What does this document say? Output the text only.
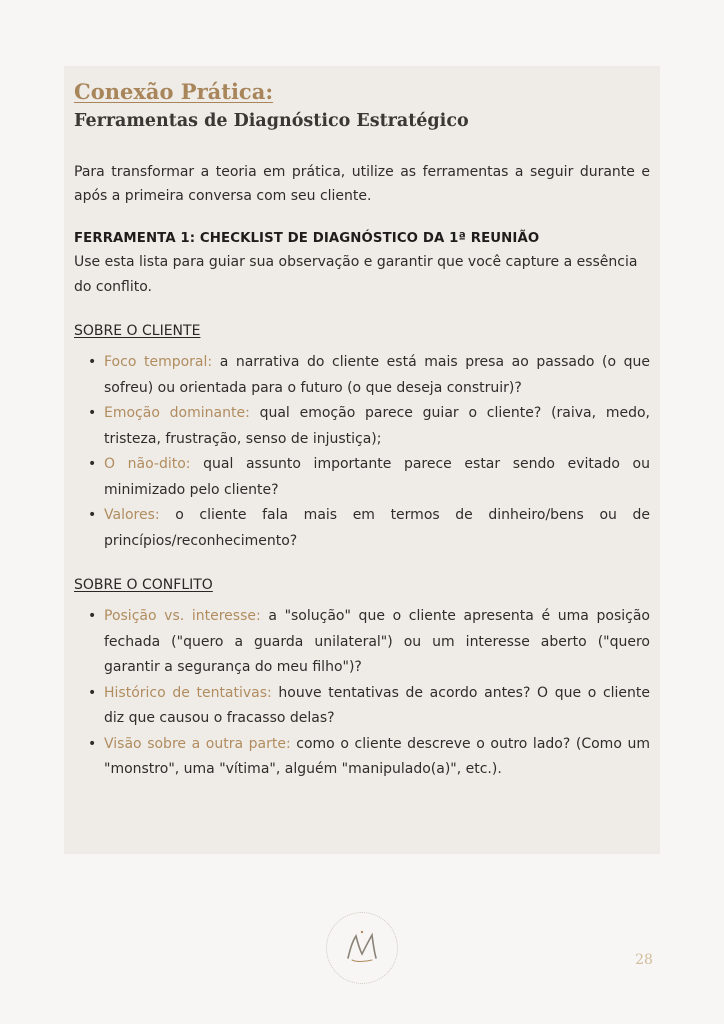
Conexão Prática:
Ferramentas de Diagnóstico Estratégico

Para transformar a teoria em prática, utilize as ferramentas a seguir durante e após a primeira conversa com seu cliente.

FERRAMENTA 1: CHECKLIST DE DIAGNÓSTICO DA 1ª REUNIÃO

Use esta lista para guiar sua observação e garantir que você capture a essência do conflito.

SOBRE O CLIENTE
• Foco temporal: a narrativa do cliente está mais presa ao passado (o que sofreu) ou orientada para o futuro (o que deseja construir)?
• Emoção dominante: qual emoção parece guiar o cliente? (raiva, medo, tristeza, frustração, senso de injustiça);
• O não-dito: qual assunto importante parece estar sendo evitado ou minimizado pelo cliente?
• Valores: o cliente fala mais em termos de dinheiro/bens ou de princípios/reconhecimento?
SOBRE O CONFLITO
• Posição vs. interesse: a "solução" que o cliente apresenta é uma posição fechada ("quero a guarda unilateral") ou um interesse aberto ("quero garantir a segurança do meu filho")?
• Histórico de tentativas: houve tentativas de acordo antes? O que o cliente diz que causou o fracasso delas?
• Visão sobre a outra parte: como o cliente descreve o outro lado? (Como um "monstro", uma "vítima", alguém "manipulado(a)", etc.).
28
